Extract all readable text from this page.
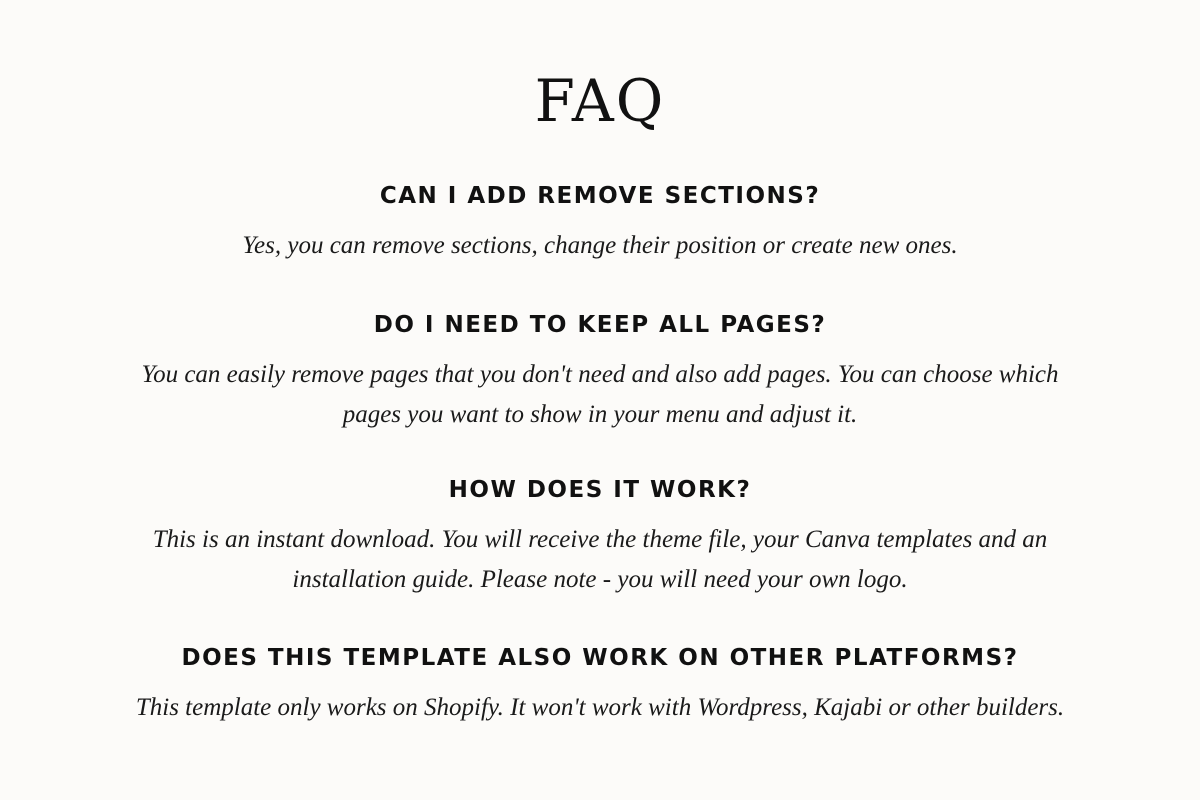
FAQ
CAN I ADD REMOVE SECTIONS?

Yes, you can remove sections, change their position or create new ones.

DO I NEED TO KEEP ALL PAGES?

You can easily remove pages that you don't need and also add pages. You can choose which pages you want to show in your menu and adjust it.

HOW DOES IT WORK?

This is an instant download. You will receive the theme file, your Canva templates and an installation guide. Please note - you will need your own logo.

DOES THIS TEMPLATE ALSO WORK ON OTHER PLATFORMS?

This template only works on Shopify. It won't work with Wordpress, Kajabi or other builders.
